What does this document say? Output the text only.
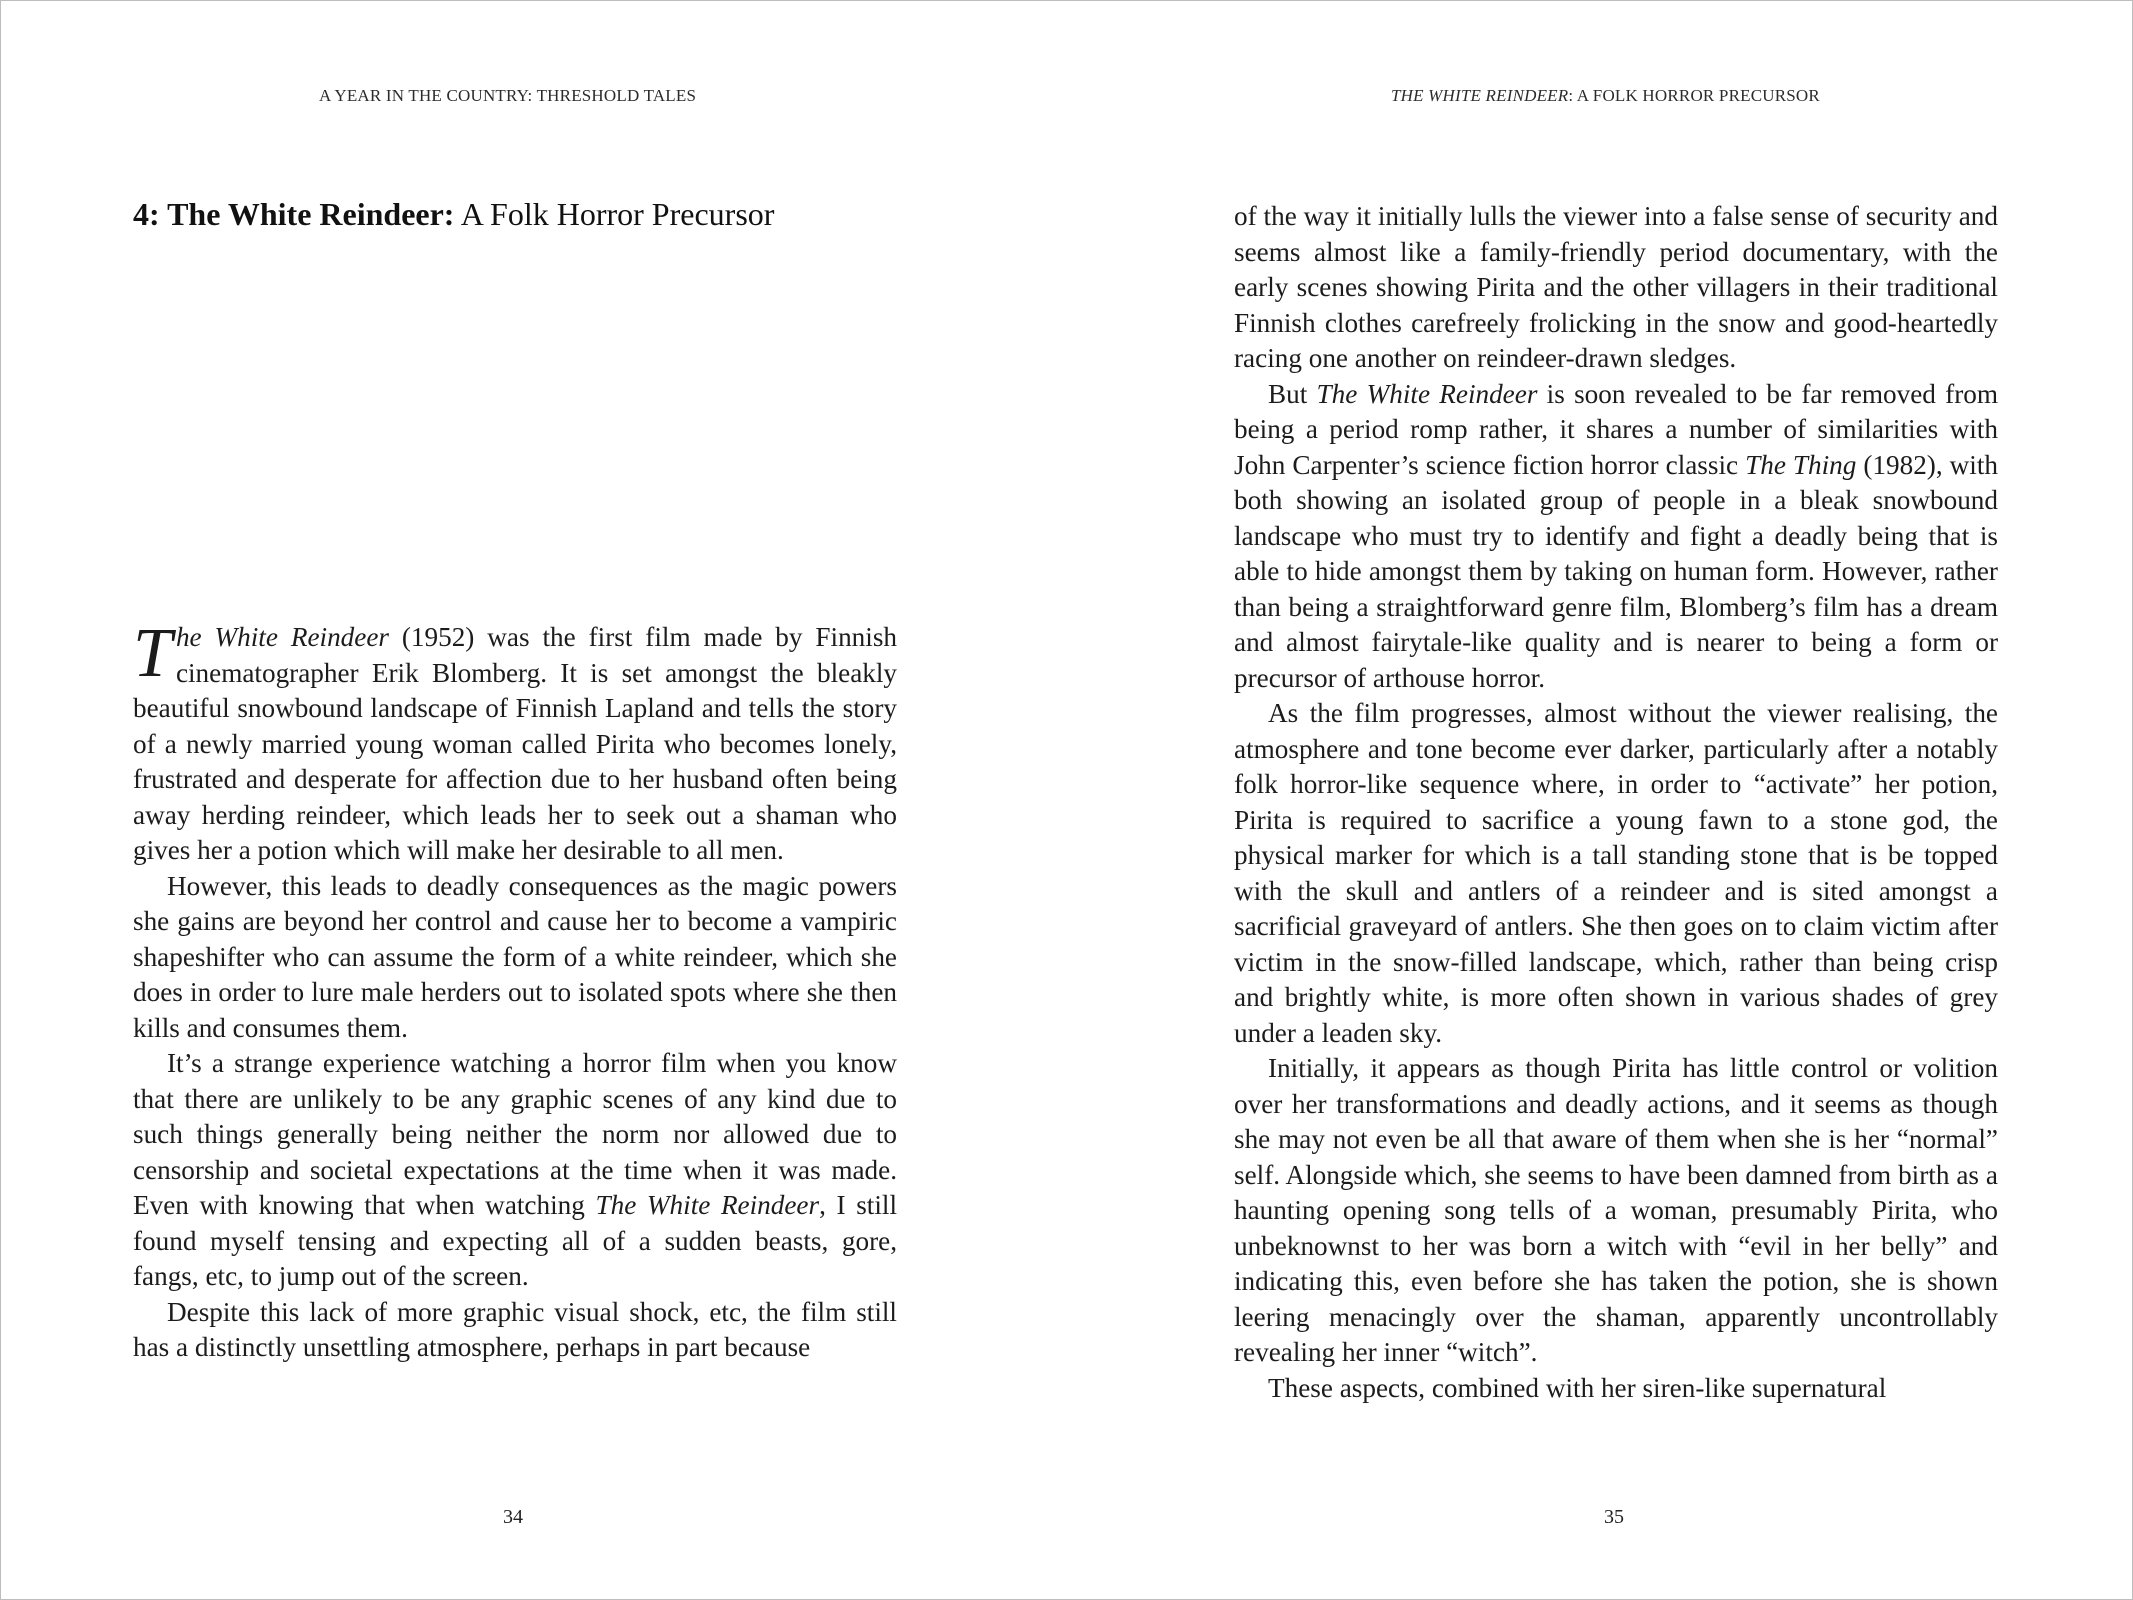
A YEAR IN THE COUNTRY: THRESHOLD TALES
4: The White Reindeer: A Folk Horror Precursor

The White Reindeer (1952) was the first film made by Finnish cinematographer Erik Blomberg. It is set amongst the bleakly beautiful snowbound landscape of Finnish Lapland and tells the story of a newly married young woman called Pirita who becomes lonely, frustrated and desperate for affection due to her husband often being away herding reindeer, which leads her to seek out a shaman who gives her a potion which will make her desirable to all men.

However, this leads to deadly consequences as the magic powers she gains are beyond her control and cause her to become a vampiric shapeshifter who can assume the form of a white reindeer, which she does in order to lure male herders out to isolated spots where she then kills and consumes them.

It’s a strange experience watching a horror film when you know that there are unlikely to be any graphic scenes of any kind due to such things generally being neither the norm nor allowed due to censorship and societal expectations at the time when it was made. Even with knowing that when watching The White Reindeer, I still found myself tensing and expecting all of a sudden beasts, gore, fangs, etc, to jump out of the screen.

Despite this lack of more graphic visual shock, etc, the film still has a distinctly unsettling atmosphere, perhaps in part because

34
THE WHITE REINDEER: A FOLK HORROR PRECURSOR

of the way it initially lulls the viewer into a false sense of security and seems almost like a family-friendly period documentary, with the early scenes showing Pirita and the other villagers in their traditional Finnish clothes carefreely frolicking in the snow and good-heartedly racing one another on reindeer-drawn sledges.

But The White Reindeer is soon revealed to be far removed from being a period romp rather, it shares a number of similarities with John Carpenter’s science fiction horror classic The Thing (1982), with both showing an isolated group of people in a bleak snowbound landscape who must try to identify and fight a deadly being that is able to hide amongst them by taking on human form. However, rather than being a straightforward genre film, Blomberg’s film has a dream and almost fairytale-like quality and is nearer to being a form or precursor of arthouse horror.

As the film progresses, almost without the viewer realising, the atmosphere and tone become ever darker, particularly after a notably folk horror-like sequence where, in order to “activate” her potion, Pirita is required to sacrifice a young fawn to a stone god, the physical marker for which is a tall standing stone that is be topped with the skull and antlers of a reindeer and is sited amongst a sacrificial graveyard of antlers. She then goes on to claim victim after victim in the snow-filled landscape, which, rather than being crisp and brightly white, is more often shown in various shades of grey under a leaden sky.

Initially, it appears as though Pirita has little control or volition over her transformations and deadly actions, and it seems as though she may not even be all that aware of them when she is her “normal” self. Alongside which, she seems to have been damned from birth as a haunting opening song tells of a woman, presumably Pirita, who unbeknownst to her was born a witch with “evil in her belly” and indicating this, even before she has taken the potion, she is shown leering menacingly over the shaman, apparently uncontrollably revealing her inner “witch”.

These aspects, combined with her siren-like supernatural

35
